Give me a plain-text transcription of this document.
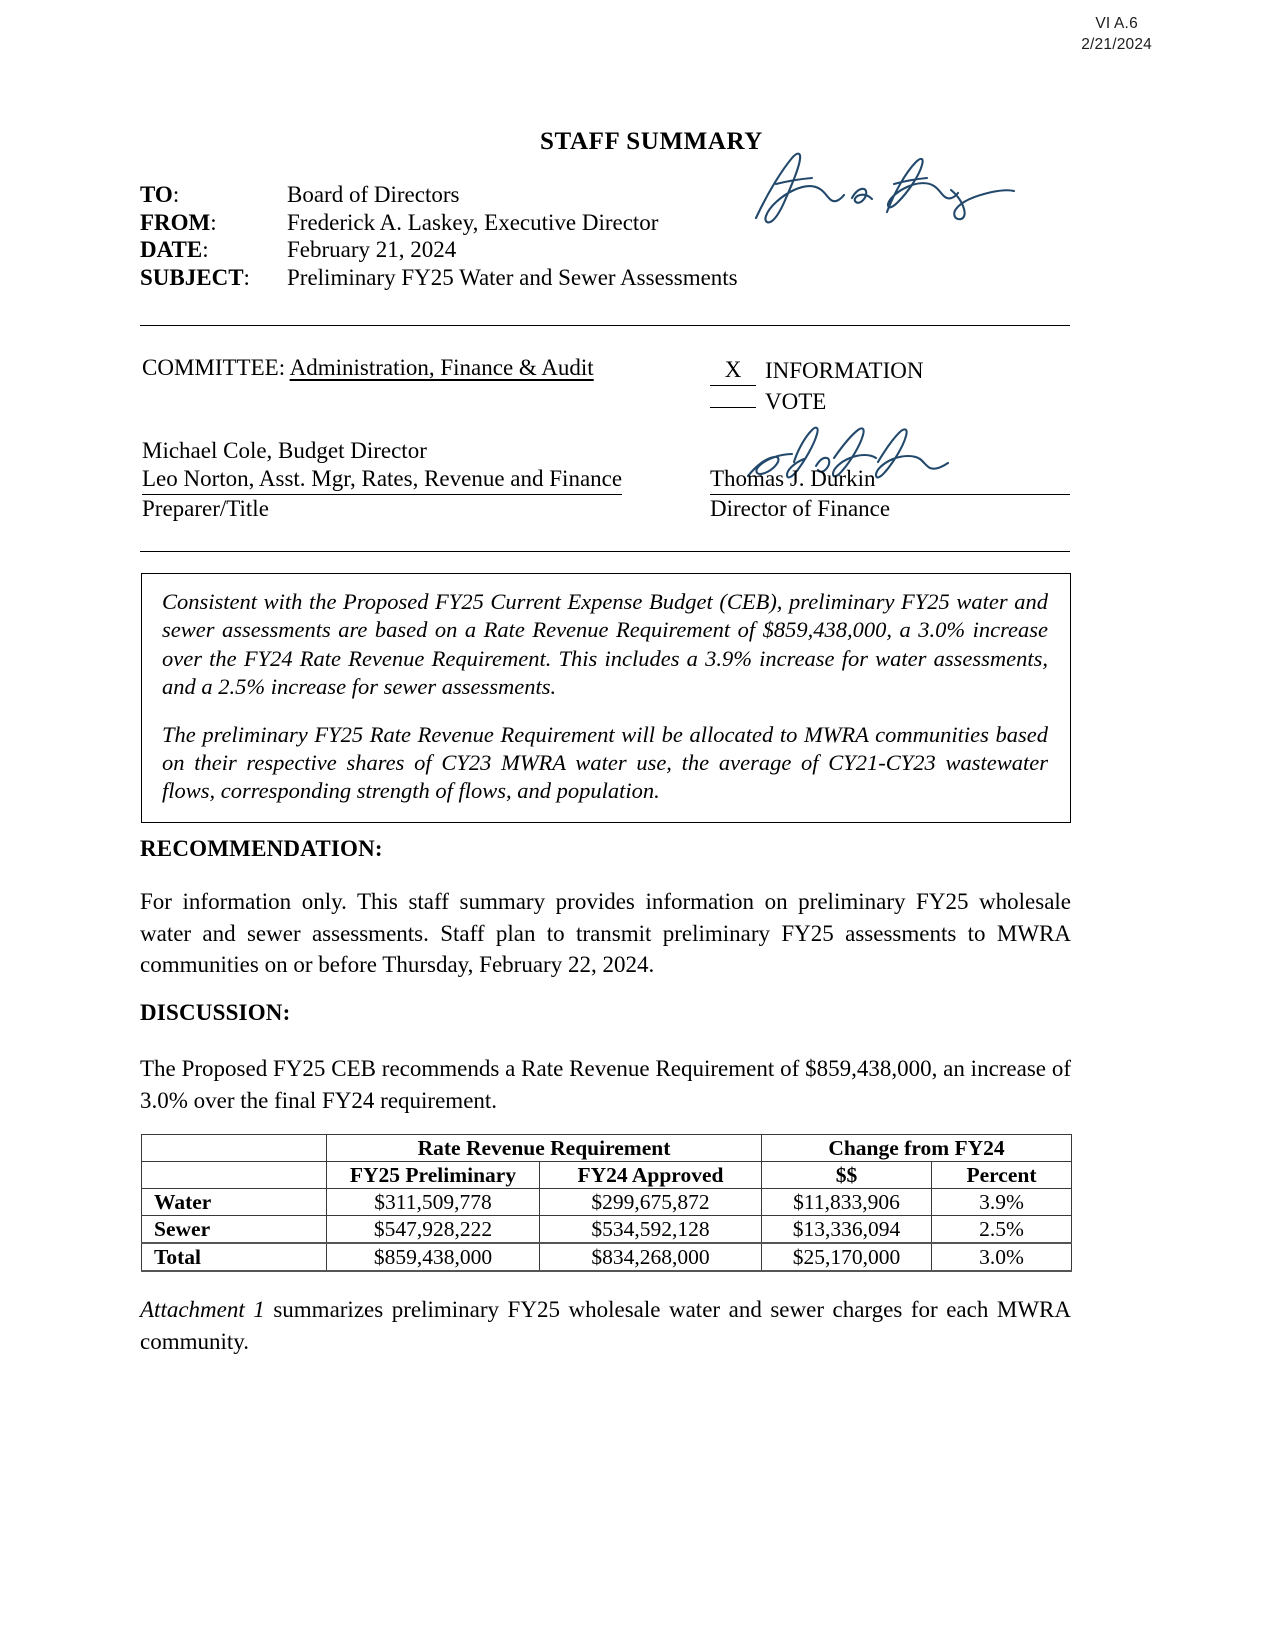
VI A.6
2/21/2024
STAFF SUMMARY
TO:	Board of Directors
FROM:	Frederick A. Laskey, Executive Director
DATE:	February 21, 2024
SUBJECT:	Preliminary FY25 Water and Sewer Assessments
COMMITTEE: Administration, Finance & Audit	X INFORMATION
VOTE
Michael Cole, Budget Director
Leo Norton, Asst. Mgr, Rates, Revenue and Finance
Preparer/Title
Thomas J. Durkin
Director of Finance

Consistent with the Proposed FY25 Current Expense Budget (CEB), preliminary FY25 water and sewer assessments are based on a Rate Revenue Requirement of $859,438,000, a 3.0% increase over the FY24 Rate Revenue Requirement. This includes a 3.9% increase for water assessments, and a 2.5% increase for sewer assessments.

The preliminary FY25 Rate Revenue Requirement will be allocated to MWRA communities based on their respective shares of CY23 MWRA water use, the average of CY21-CY23 wastewater flows, corresponding strength of flows, and population.

RECOMMENDATION:
For information only. This staff summary provides information on preliminary FY25 wholesale water and sewer assessments. Staff plan to transmit preliminary FY25 assessments to MWRA communities on or before Thursday, February 22, 2024.
DISCUSSION:
The Proposed FY25 CEB recommends a Rate Revenue Requirement of $859,438,000, an increase of 3.0% over the final FY24 requirement.
	Rate Revenue Requirement		Change from FY24	
	FY25 Preliminary	FY24 Approved	$$	Percent
Water	$311,509,778	$299,675,872	$11,833,906	3.9%
Sewer	$547,928,222	$534,592,128	$13,336,094	2.5%
Total	$859,438,000	$834,268,000	$25,170,000	3.0%
Attachment 1 summarizes preliminary FY25 wholesale water and sewer charges for each MWRA community.
